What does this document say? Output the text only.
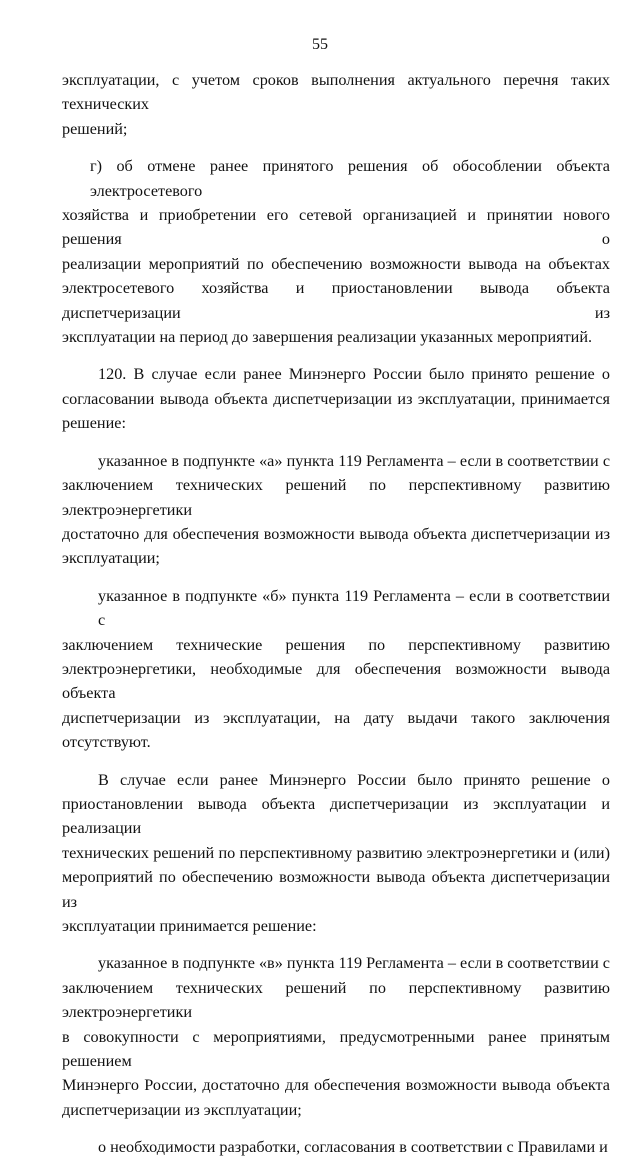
55
эксплуатации, с учетом сроков выполнения актуального перечня таких технических
решений;
г) об отмене ранее принятого решения об обособлении объекта электросетевого
хозяйства и приобретении его сетевой организацией и принятии нового решения о
реализации мероприятий по обеспечению возможности вывода на объектах
электросетевого хозяйства и приостановлении вывода объекта диспетчеризации из
эксплуатации на период до завершения реализации указанных мероприятий.
120. В случае если ранее Минэнерго России было принято решение о
согласовании вывода объекта диспетчеризации из эксплуатации, принимается
решение:
указанное в подпункте «а» пункта 119 Регламента – если в соответствии с
заключением технических решений по перспективному развитию электроэнергетики
достаточно для обеспечения возможности вывода объекта диспетчеризации из
эксплуатации;
указанное в подпункте «б» пункта 119 Регламента – если в соответствии с
заключением технические решения по перспективному развитию
электроэнергетики, необходимые для обеспечения возможности вывода объекта
диспетчеризации из эксплуатации, на дату выдачи такого заключения отсутствуют.
В случае если ранее Минэнерго России было принято решение о
приостановлении вывода объекта диспетчеризации из эксплуатации и реализации
технических решений по перспективному развитию электроэнергетики и (или)
мероприятий по обеспечению возможности вывода объекта диспетчеризации из
эксплуатации принимается решение:
указанное в подпункте «в» пункта 119 Регламента – если в соответствии с
заключением технических решений по перспективному развитию электроэнергетики
в совокупности с мероприятиями, предусмотренными ранее принятым решением
Минэнерго России, достаточно для обеспечения возможности вывода объекта
диспетчеризации из эксплуатации;
о необходимости разработки, согласования в соответствии с Правилами и
